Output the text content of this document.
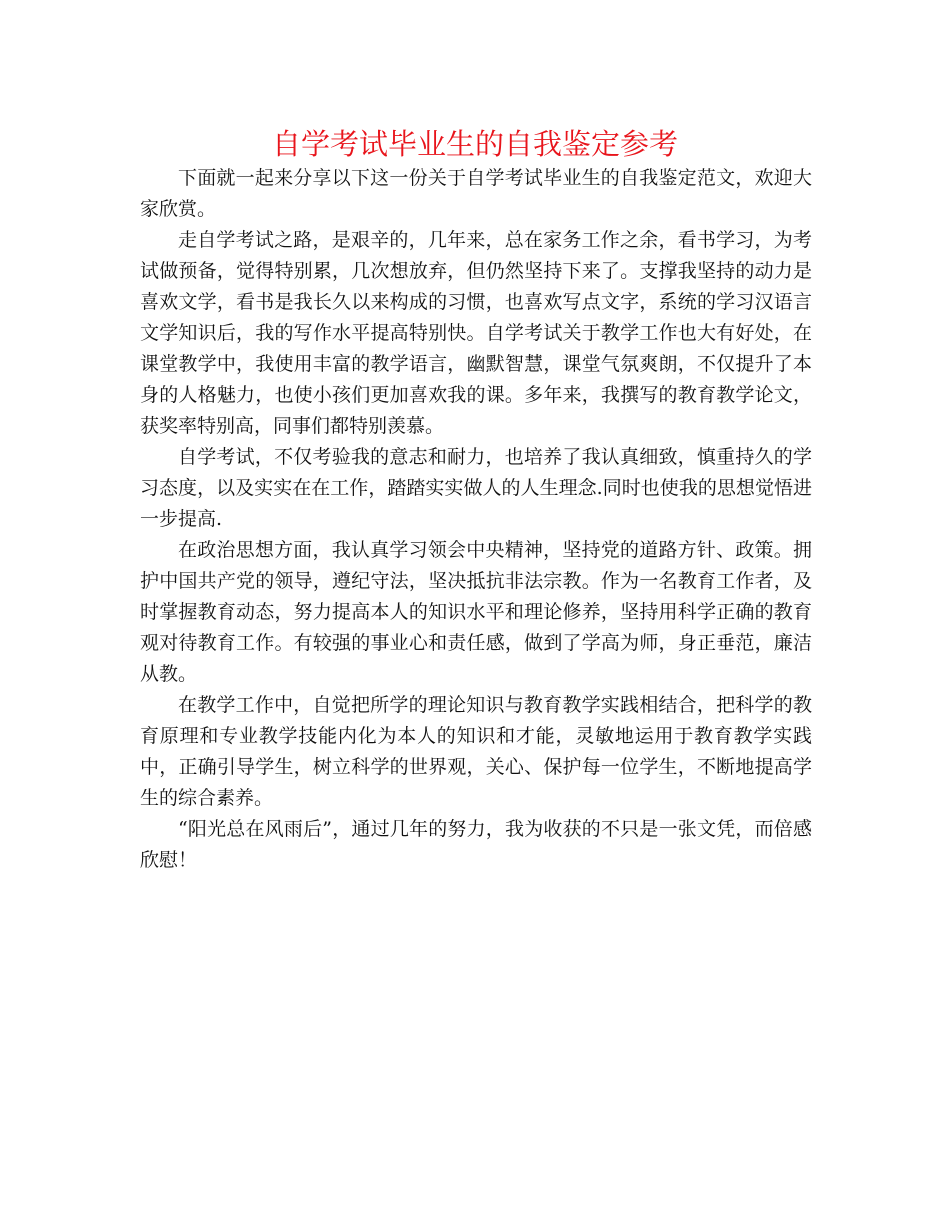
自学考试毕业生的自我鉴定参考

下面就一起来分享以下这一份关于自学考试毕业生的自我鉴定范文，欢迎大家欣赏。

走自学考试之路，是艰辛的，几年来，总在家务工作之余，看书学习，为考试做预备，觉得特别累，几次想放弃，但仍然坚持下来了。支撑我坚持的动力是喜欢文学，看书是我长久以来构成的习惯，也喜欢写点文字，系统的学习汉语言文学知识后，我的写作水平提高特别快。自学考试关于教学工作也大有好处，在课堂教学中，我使用丰富的教学语言，幽默智慧，课堂气氛爽朗，不仅提升了本身的人格魅力，也使小孩们更加喜欢我的课。多年来，我撰写的教育教学论文，获奖率特别高，同事们都特别羡慕。

自学考试，不仅考验我的意志和耐力，也培养了我认真细致，慎重持久的学习态度，以及实实在在工作，踏踏实实做人的人生理念.同时也使我的思想觉悟进一步提高.

在政治思想方面，我认真学习领会中央精神，坚持党的道路方针、政策。拥护中国共产党的领导，遵纪守法，坚决抵抗非法宗教。作为一名教育工作者，及时掌握教育动态，努力提高本人的知识水平和理论修养，坚持用科学正确的教育观对待教育工作。有较强的事业心和责任感，做到了学高为师，身正垂范，廉洁从教。

在教学工作中，自觉把所学的理论知识与教育教学实践相结合，把科学的教育原理和专业教学技能内化为本人的知识和才能，灵敏地运用于教育教学实践中，正确引导学生，树立科学的世界观，关心、保护每一位学生，不断地提高学生的综合素养。

“阳光总在风雨后”，通过几年的努力，我为收获的不只是一张文凭，而倍感欣慰！
